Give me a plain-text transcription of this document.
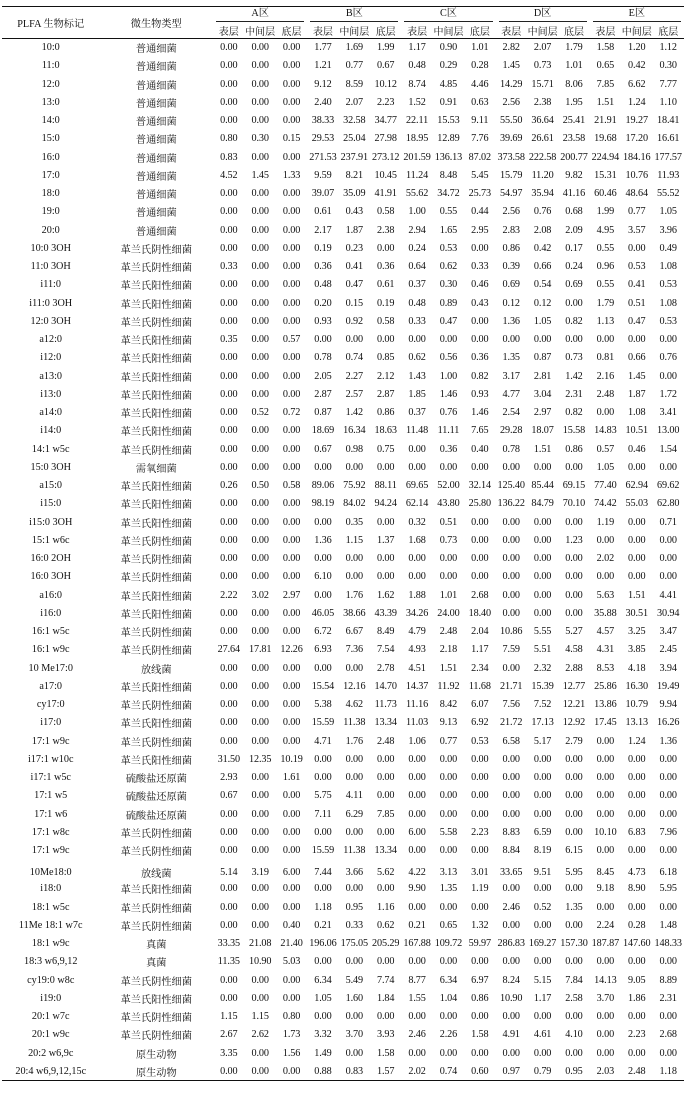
PLFA 生物标记	微生物类型	A区			B区			C区			D区			E区		

		表层	中间层	底层	表层	中间层	底层	表层	中间层	底层	表层	中间层	底层	表层	中间层	底层
10:0	普通细菌	0.00	0.00	0.00	1.77	1.69	1.99	1.17	0.90	1.01	2.82	2.07	1.79	1.58	1.20	1.12
11:0	普通细菌	0.00	0.00	0.00	1.21	0.77	0.67	0.48	0.29	0.28	1.45	0.73	1.01	0.65	0.42	0.30
12:0	普通细菌	0.00	0.00	0.00	9.12	8.59	10.12	8.74	4.85	4.46	14.29	15.71	8.06	7.85	6.62	7.77
13:0	普通细菌	0.00	0.00	0.00	2.40	2.07	2.23	1.52	0.91	0.63	2.56	2.38	1.95	1.51	1.24	1.10
14:0	普通细菌	0.00	0.00	0.00	38.33	32.58	34.77	22.11	15.53	9.11	55.50	36.64	25.41	21.91	19.27	18.41
15:0	普通细菌	0.80	0.30	0.15	29.53	25.04	27.98	18.95	12.89	7.76	39.69	26.61	23.58	19.68	17.20	16.61
16:0	普通细菌	0.83	0.00	0.00	271.53	237.91	273.12	201.59	136.13	87.02	373.58	222.58	200.77	224.94	184.16	177.57
17:0	普通细菌	4.52	1.45	1.33	9.59	8.21	10.45	11.24	8.48	5.45	15.79	11.20	9.82	15.31	10.76	11.93
18:0	普通细菌	0.00	0.00	0.00	39.07	35.09	41.91	55.62	34.72	25.73	54.97	35.94	41.16	60.46	48.64	55.52
19:0	普通细菌	0.00	0.00	0.00	0.61	0.43	0.58	1.00	0.55	0.44	2.56	0.76	0.68	1.99	0.77	1.05
20:0	普通细菌	0.00	0.00	0.00	2.17	1.87	2.38	2.94	1.65	2.95	2.83	2.08	2.09	4.95	3.57	3.96
10:0 3OH	革兰氏阴性细菌	0.00	0.00	0.00	0.19	0.23	0.00	0.24	0.53	0.00	0.86	0.42	0.17	0.55	0.00	0.49
11:0 3OH	革兰氏阴性细菌	0.33	0.00	0.00	0.36	0.41	0.36	0.64	0.62	0.33	0.39	0.66	0.24	0.96	0.53	1.08
i11:0	革兰氏阳性细菌	0.00	0.00	0.00	0.48	0.47	0.61	0.37	0.30	0.46	0.69	0.54	0.69	0.55	0.41	0.53
i11:0 3OH	革兰氏阳性细菌	0.00	0.00	0.00	0.20	0.15	0.19	0.48	0.89	0.43	0.12	0.12	0.00	1.79	0.51	1.08
12:0 3OH	革兰氏阴性细菌	0.00	0.00	0.00	0.93	0.92	0.58	0.33	0.47	0.00	1.36	1.05	0.82	1.13	0.47	0.53
a12:0	革兰氏阳性细菌	0.35	0.00	0.57	0.00	0.00	0.00	0.00	0.00	0.00	0.00	0.00	0.00	0.00	0.00	0.00
i12:0	革兰氏阳性细菌	0.00	0.00	0.00	0.78	0.74	0.85	0.62	0.56	0.36	1.35	0.87	0.73	0.81	0.66	0.76
a13:0	革兰氏阳性细菌	0.00	0.00	0.00	2.05	2.27	2.12	1.43	1.00	0.82	3.17	2.81	1.42	2.16	1.45	0.00
i13:0	革兰氏阳性细菌	0.00	0.00	0.00	2.87	2.57	2.87	1.85	1.46	0.93	4.77	3.04	2.31	2.48	1.87	1.72
a14:0	革兰氏阳性细菌	0.00	0.52	0.72	0.87	1.42	0.86	0.37	0.76	1.46	2.54	2.97	0.82	0.00	1.08	3.41
i14:0	革兰氏阳性细菌	0.00	0.00	0.00	18.69	16.34	18.63	11.48	11.11	7.65	29.28	18.07	15.58	14.83	10.51	13.00
14:1 w5c	革兰氏阴性细菌	0.00	0.00	0.00	0.67	0.98	0.75	0.00	0.36	0.40	0.78	1.51	0.86	0.57	0.46	1.54
15:0 3OH	需氧细菌	0.00	0.00	0.00	0.00	0.00	0.00	0.00	0.00	0.00	0.00	0.00	0.00	1.05	0.00	0.00
a15:0	革兰氏阳性细菌	0.26	0.50	0.58	89.06	75.92	88.11	69.65	52.00	32.14	125.40	85.44	69.15	77.40	62.94	69.62
i15:0	革兰氏阳性细菌	0.00	0.00	0.00	98.19	84.02	94.24	62.14	43.80	25.80	136.22	84.79	70.10	74.42	55.03	62.80
i15:0 3OH	革兰氏阳性细菌	0.00	0.00	0.00	0.00	0.35	0.00	0.32	0.51	0.00	0.00	0.00	0.00	1.19	0.00	0.71
15:1 w6c	革兰氏阴性细菌	0.00	0.00	0.00	1.36	1.15	1.37	1.68	0.73	0.00	0.00	0.00	1.23	0.00	0.00	0.00
16:0 2OH	革兰氏阴性细菌	0.00	0.00	0.00	0.00	0.00	0.00	0.00	0.00	0.00	0.00	0.00	0.00	2.02	0.00	0.00
16:0 3OH	革兰氏阴性细菌	0.00	0.00	0.00	6.10	0.00	0.00	0.00	0.00	0.00	0.00	0.00	0.00	0.00	0.00	0.00
a16:0	革兰氏阳性细菌	2.22	3.02	2.97	0.00	1.76	1.62	1.88	1.01	2.68	0.00	0.00	0.00	5.63	1.51	4.41
i16:0	革兰氏阳性细菌	0.00	0.00	0.00	46.05	38.66	43.39	34.26	24.00	18.40	0.00	0.00	0.00	35.88	30.51	30.94
16:1 w5c	革兰氏阴性细菌	0.00	0.00	0.00	6.72	6.67	8.49	4.79	2.48	2.04	10.86	5.55	5.27	4.57	3.25	3.47
16:1 w9c	革兰氏阴性细菌	27.64	17.81	12.26	6.93	7.36	7.54	4.93	2.18	1.17	7.59	5.51	4.58	4.31	3.85	2.45
10 Me17:0	放线菌	0.00	0.00	0.00	0.00	0.00	2.78	4.51	1.51	2.34	0.00	2.32	2.88	8.53	4.18	3.94
a17:0	革兰氏阳性细菌	0.00	0.00	0.00	15.54	12.16	14.70	14.37	11.92	11.68	21.71	15.39	12.77	25.86	16.30	19.49
cy17:0	革兰氏阴性细菌	0.00	0.00	0.00	5.38	4.62	11.73	11.16	8.42	6.07	7.56	7.52	12.21	13.86	10.79	9.94
i17:0	革兰氏阳性细菌	0.00	0.00	0.00	15.59	11.38	13.34	11.03	9.13	6.92	21.72	17.13	12.92	17.45	13.13	16.26
17:1 w9c	革兰氏阴性细菌	0.00	0.00	0.00	4.71	1.76	2.48	1.06	0.77	0.53	6.58	5.17	2.79	0.00	1.24	1.36
i17:1 w10c	革兰氏阳性细菌	31.50	12.35	10.19	0.00	0.00	0.00	0.00	0.00	0.00	0.00	0.00	0.00	0.00	0.00	0.00
i17:1 w5c	硫酸盐还原菌	2.93	0.00	1.61	0.00	0.00	0.00	0.00	0.00	0.00	0.00	0.00	0.00	0.00	0.00	0.00
17:1 w5	硫酸盐还原菌	0.67	0.00	0.00	5.75	4.11	0.00	0.00	0.00	0.00	0.00	0.00	0.00	0.00	0.00	0.00
17:1 w6	硫酸盐还原菌	0.00	0.00	0.00	7.11	6.29	7.85	0.00	0.00	0.00	0.00	0.00	0.00	0.00	0.00	0.00
17:1 w8c	革兰氏阴性细菌	0.00	0.00	0.00	0.00	0.00	0.00	6.00	5.58	2.23	8.83	6.59	0.00	10.10	6.83	7.96
17:1 w9c	革兰氏阴性细菌	0.00	0.00	0.00	15.59	11.38	13.34	0.00	0.00	0.00	8.84	8.19	6.15	0.00	0.00	0.00
10Me18:0	放线菌	5.14	3.19	6.00	7.44	3.66	5.62	4.22	3.13	3.01	33.65	9.51	5.95	8.45	4.73	6.18
i18:0	革兰氏阳性细菌	0.00	0.00	0.00	0.00	0.00	0.00	9.90	1.35	1.19	0.00	0.00	0.00	9.18	8.90	5.95
18:1 w5c	革兰氏阴性细菌	0.00	0.00	0.00	1.18	0.95	1.16	0.00	0.00	0.00	2.46	0.52	1.35	0.00	0.00	0.00
11Me 18:1 w7c	革兰氏阴性细菌	0.00	0.00	0.40	0.21	0.33	0.62	0.21	0.65	1.32	0.00	0.00	0.00	2.24	0.28	1.48
18:1 w9c	真菌	33.35	21.08	21.40	196.06	175.05	205.29	167.88	109.72	59.97	286.83	169.27	157.30	187.87	147.60	148.33
18:3 w6,9,12	真菌	11.35	10.90	5.03	0.00	0.00	0.00	0.00	0.00	0.00	0.00	0.00	0.00	0.00	0.00	0.00
cy19:0 w8c	革兰氏阴性细菌	0.00	0.00	0.00	6.34	5.49	7.74	8.77	6.34	6.97	8.24	5.15	7.84	14.13	9.05	8.89
i19:0	革兰氏阳性细菌	0.00	0.00	0.00	1.05	1.60	1.84	1.55	1.04	0.86	10.90	1.17	2.58	3.70	1.86	2.31
20:1 w7c	革兰氏阴性细菌	1.15	1.15	0.80	0.00	0.00	0.00	0.00	0.00	0.00	0.00	0.00	0.00	0.00	0.00	0.00
20:1 w9c	革兰氏阴性细菌	2.67	2.62	1.73	3.32	3.70	3.93	2.46	2.26	1.58	4.91	4.61	4.10	0.00	2.23	2.68
20:2 w6,9c	原生动物	3.35	0.00	1.56	1.49	0.00	1.58	0.00	0.00	0.00	0.00	0.00	0.00	0.00	0.00	0.00
20:4 w6,9,12,15c	原生动物	0.00	0.00	0.00	0.88	0.83	1.57	2.02	0.74	0.60	0.97	0.79	0.95	2.03	2.48	1.18
